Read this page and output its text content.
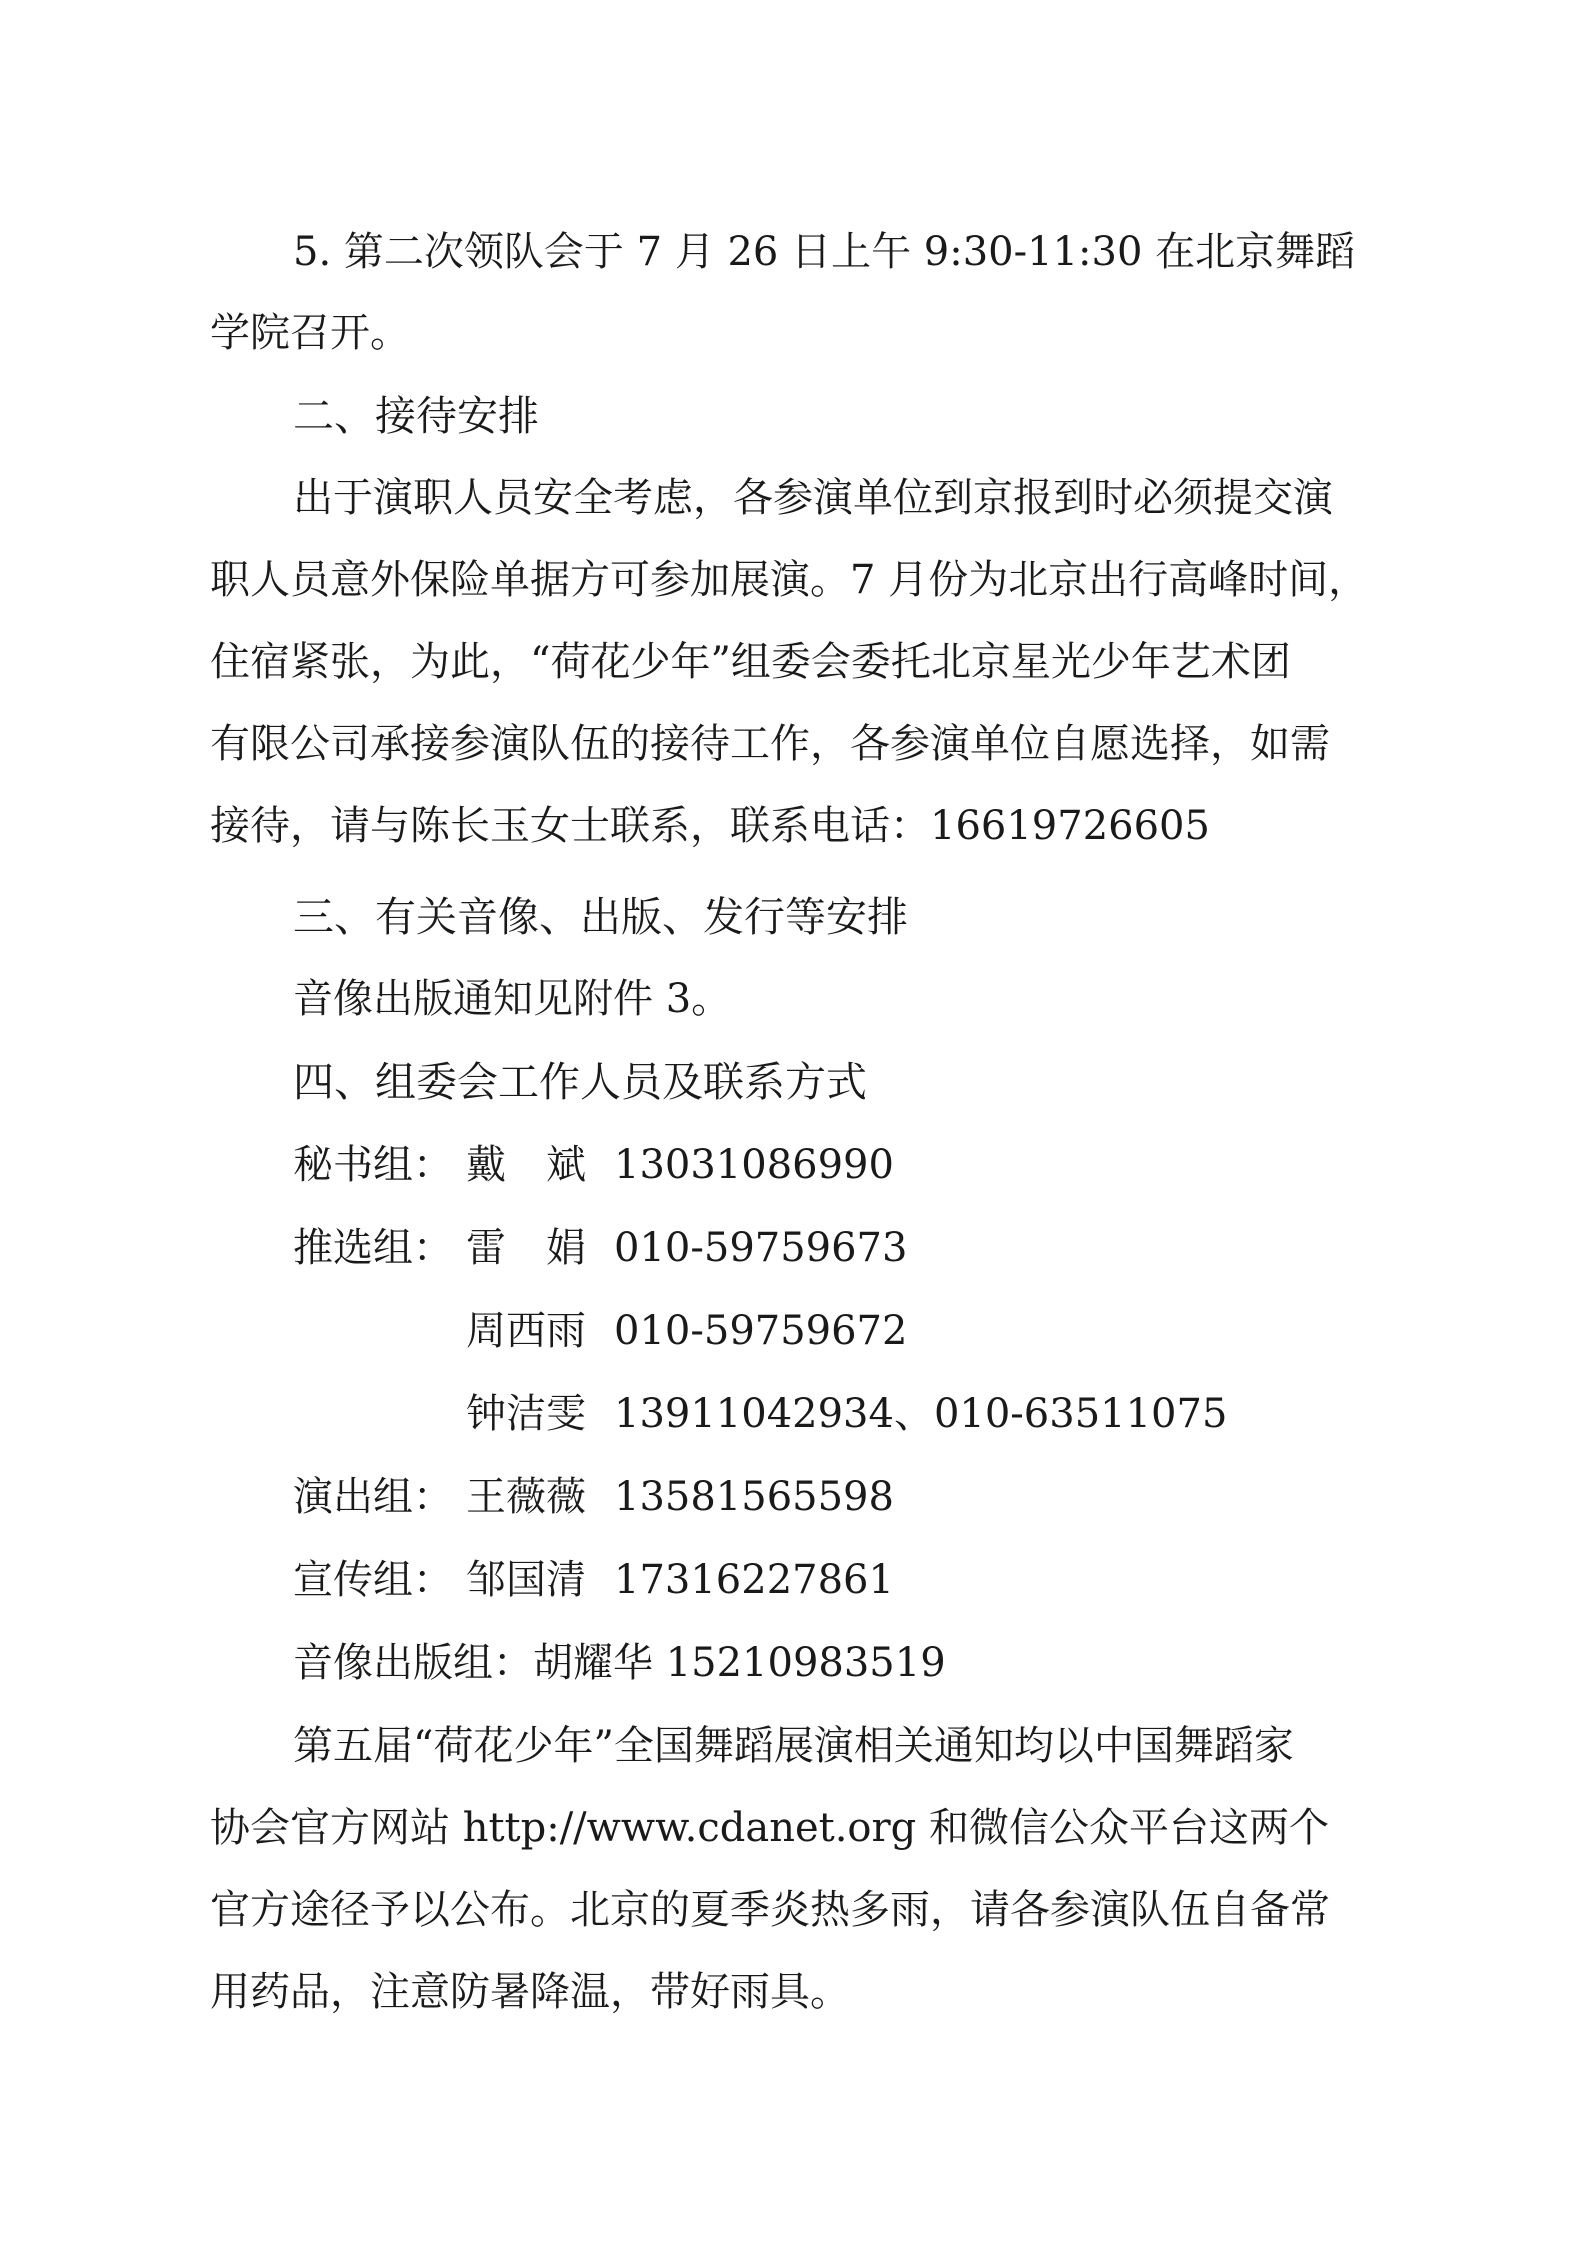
5. 第二次领队会于 7 月 26 日上午 9:30-11:30 在北京舞蹈
学院召开。
二、接待安排
出于演职人员安全考虑，各参演单位到京报到时必须提交演
职人员意外保险单据方可参加展演。7 月份为北京出行高峰时间，
住宿紧张，为此，“荷花少年”组委会委托北京星光少年艺术团
有限公司承接参演队伍的接待工作，各参演单位自愿选择，如需
接待，请与陈长玉女士联系，联系电话：16619726605
三、有关音像、出版、发行等安排
音像出版通知见附件 3。
四、组委会工作人员及联系方式
秘书组： 戴　斌 13031086990
推选组： 雷　娟 010-59759673
周西雨 010-59759672
钟洁雯 13911042934、010-63511075
演出组： 王薇薇 13581565598
宣传组： 邹国清 17316227861
音像出版组：胡耀华 15210983519
第五届“荷花少年”全国舞蹈展演相关通知均以中国舞蹈家
协会官方网站 http://www.cdanet.org 和微信公众平台这两个
官方途径予以公布。北京的夏季炎热多雨，请各参演队伍自备常
用药品，注意防暑降温，带好雨具。
